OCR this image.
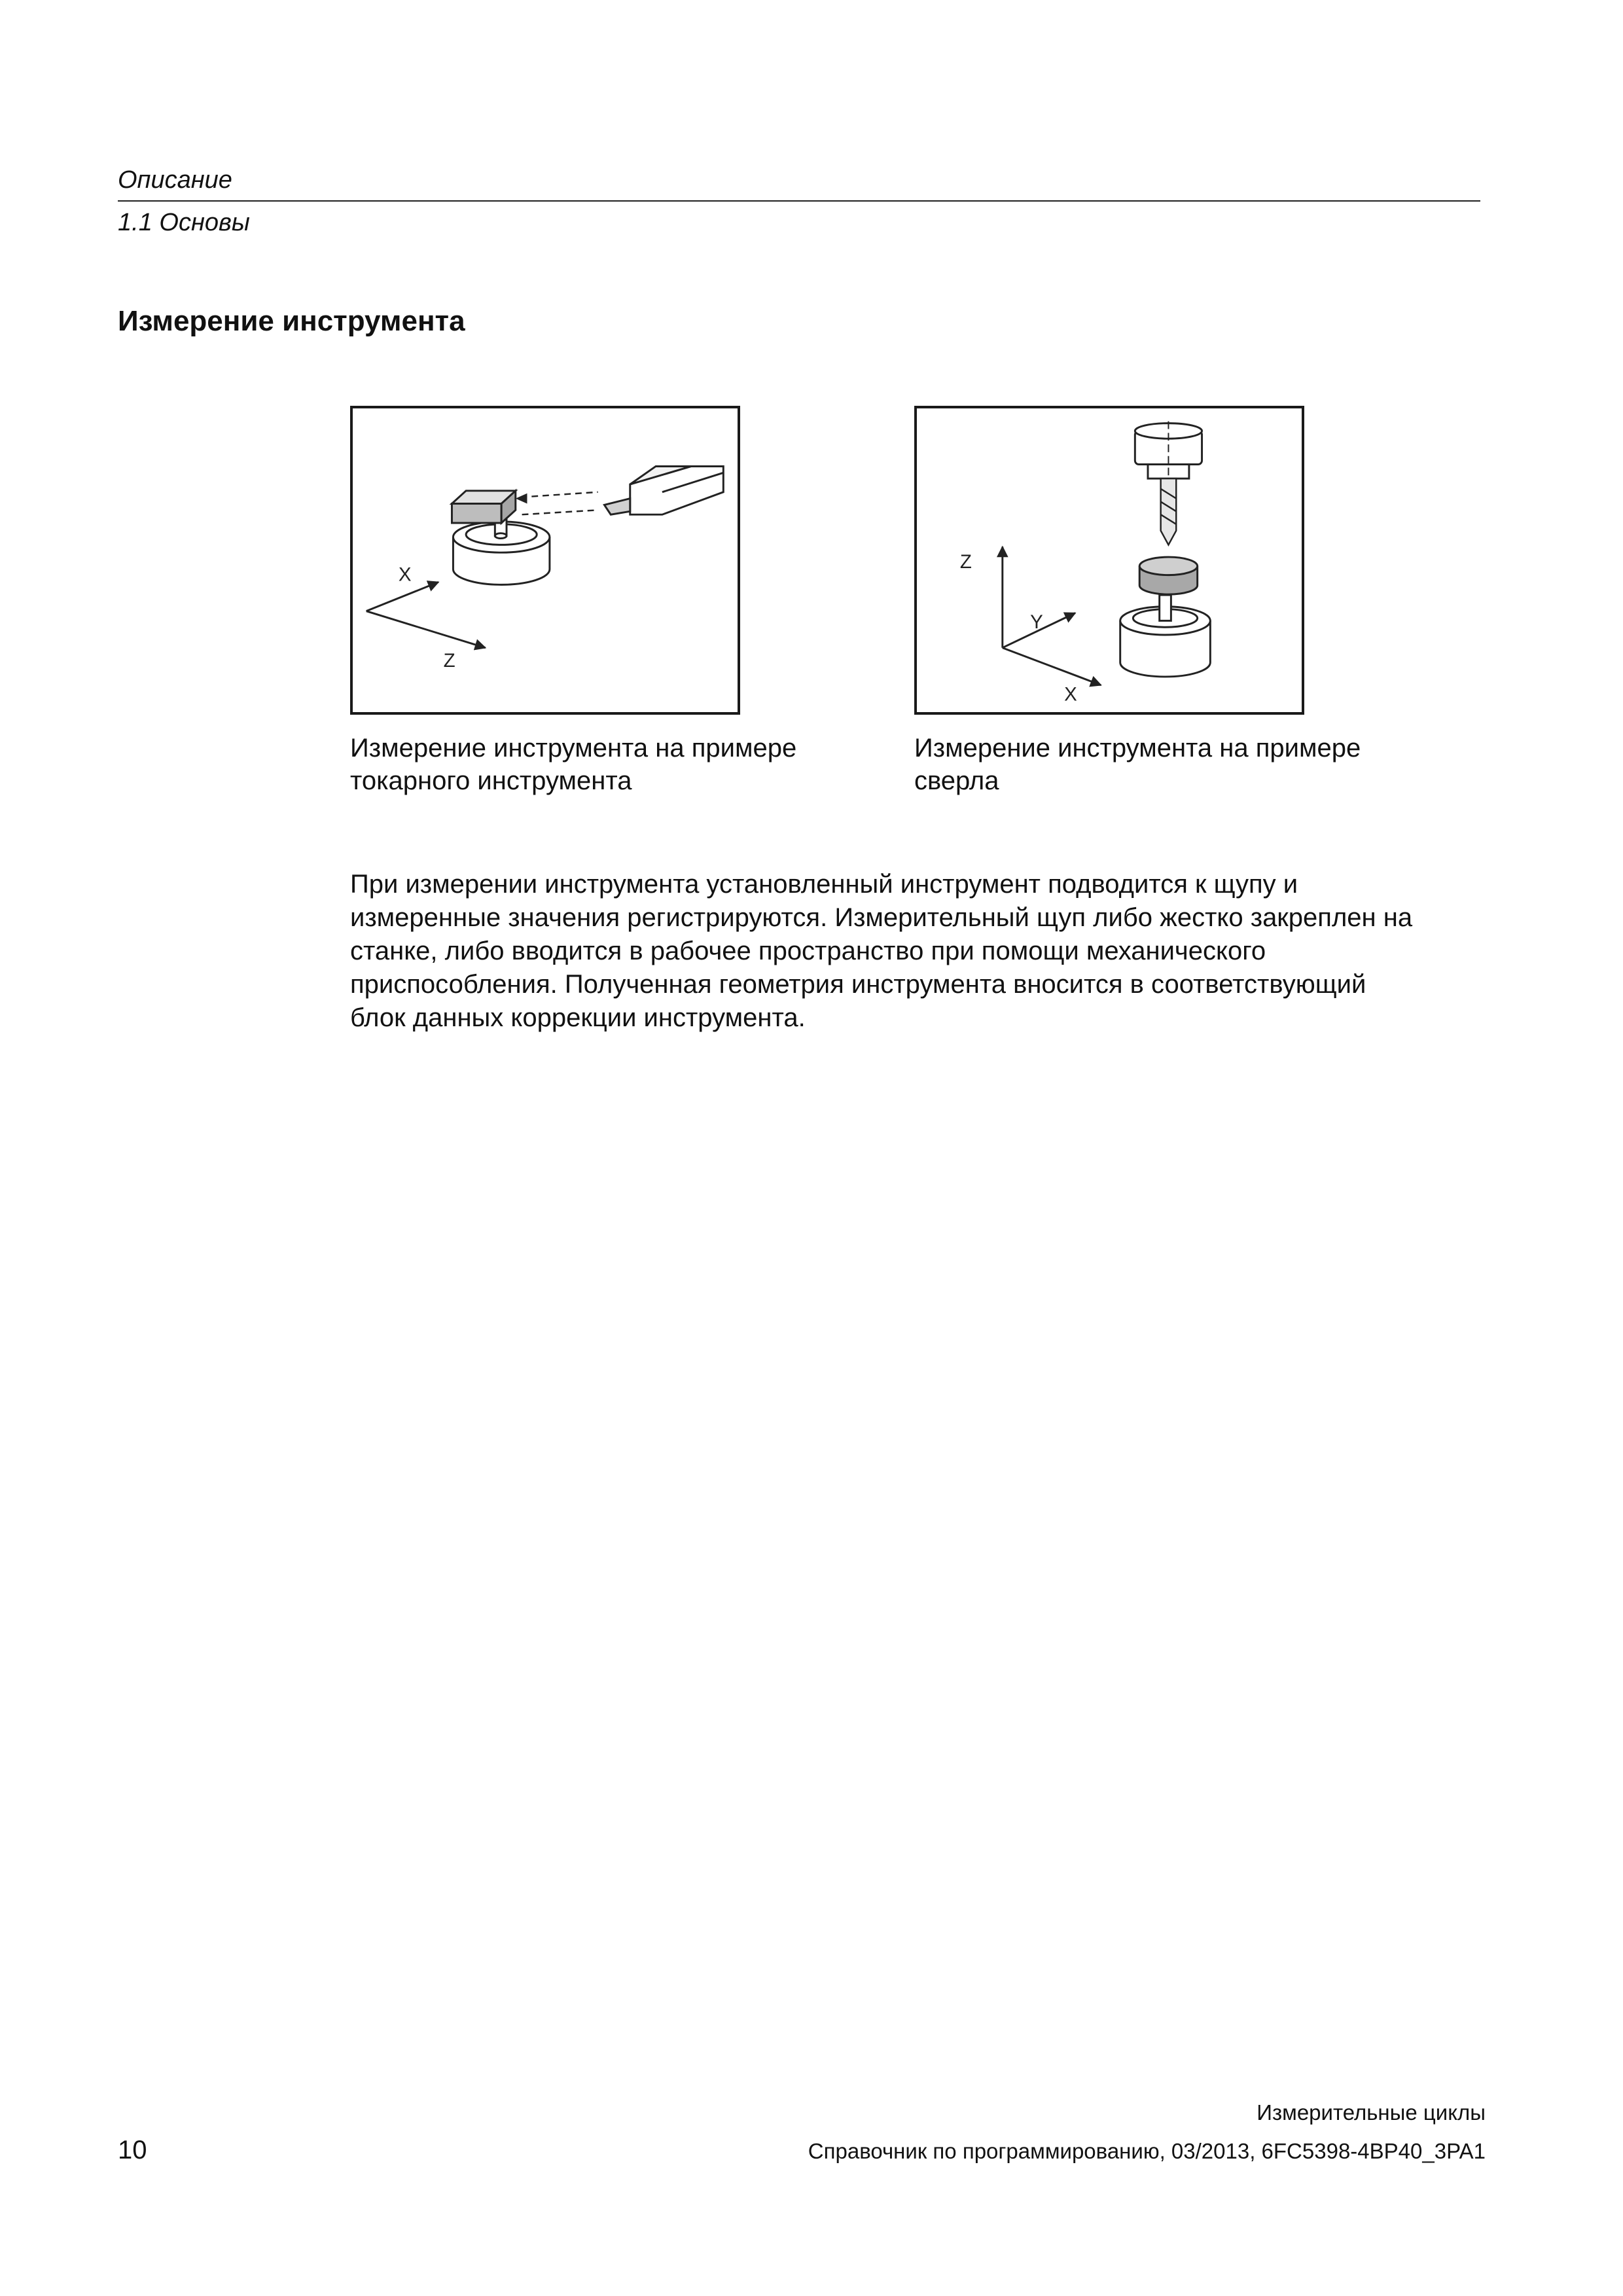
Описание
1.1 Основы
Измерение инструмента
X
Z
Z
Y
X
Измерение инструмента на примере токарного инструмента
Измерение инструмента на примере сверла

При измерении инструмента установленный инструмент подводится к щупу и
измеренные значения регистрируются. Измерительный щуп либо жестко закреплен на
станке, либо вводится в рабочее пространство при помощи механического
приспособления. Полученная геометрия инструмента вносится в соответствующий
блок данных коррекции инструмента.

Измерительные циклы
10	Справочник по программированию, 03/2013, 6FC5398-4BP40_3PA1
